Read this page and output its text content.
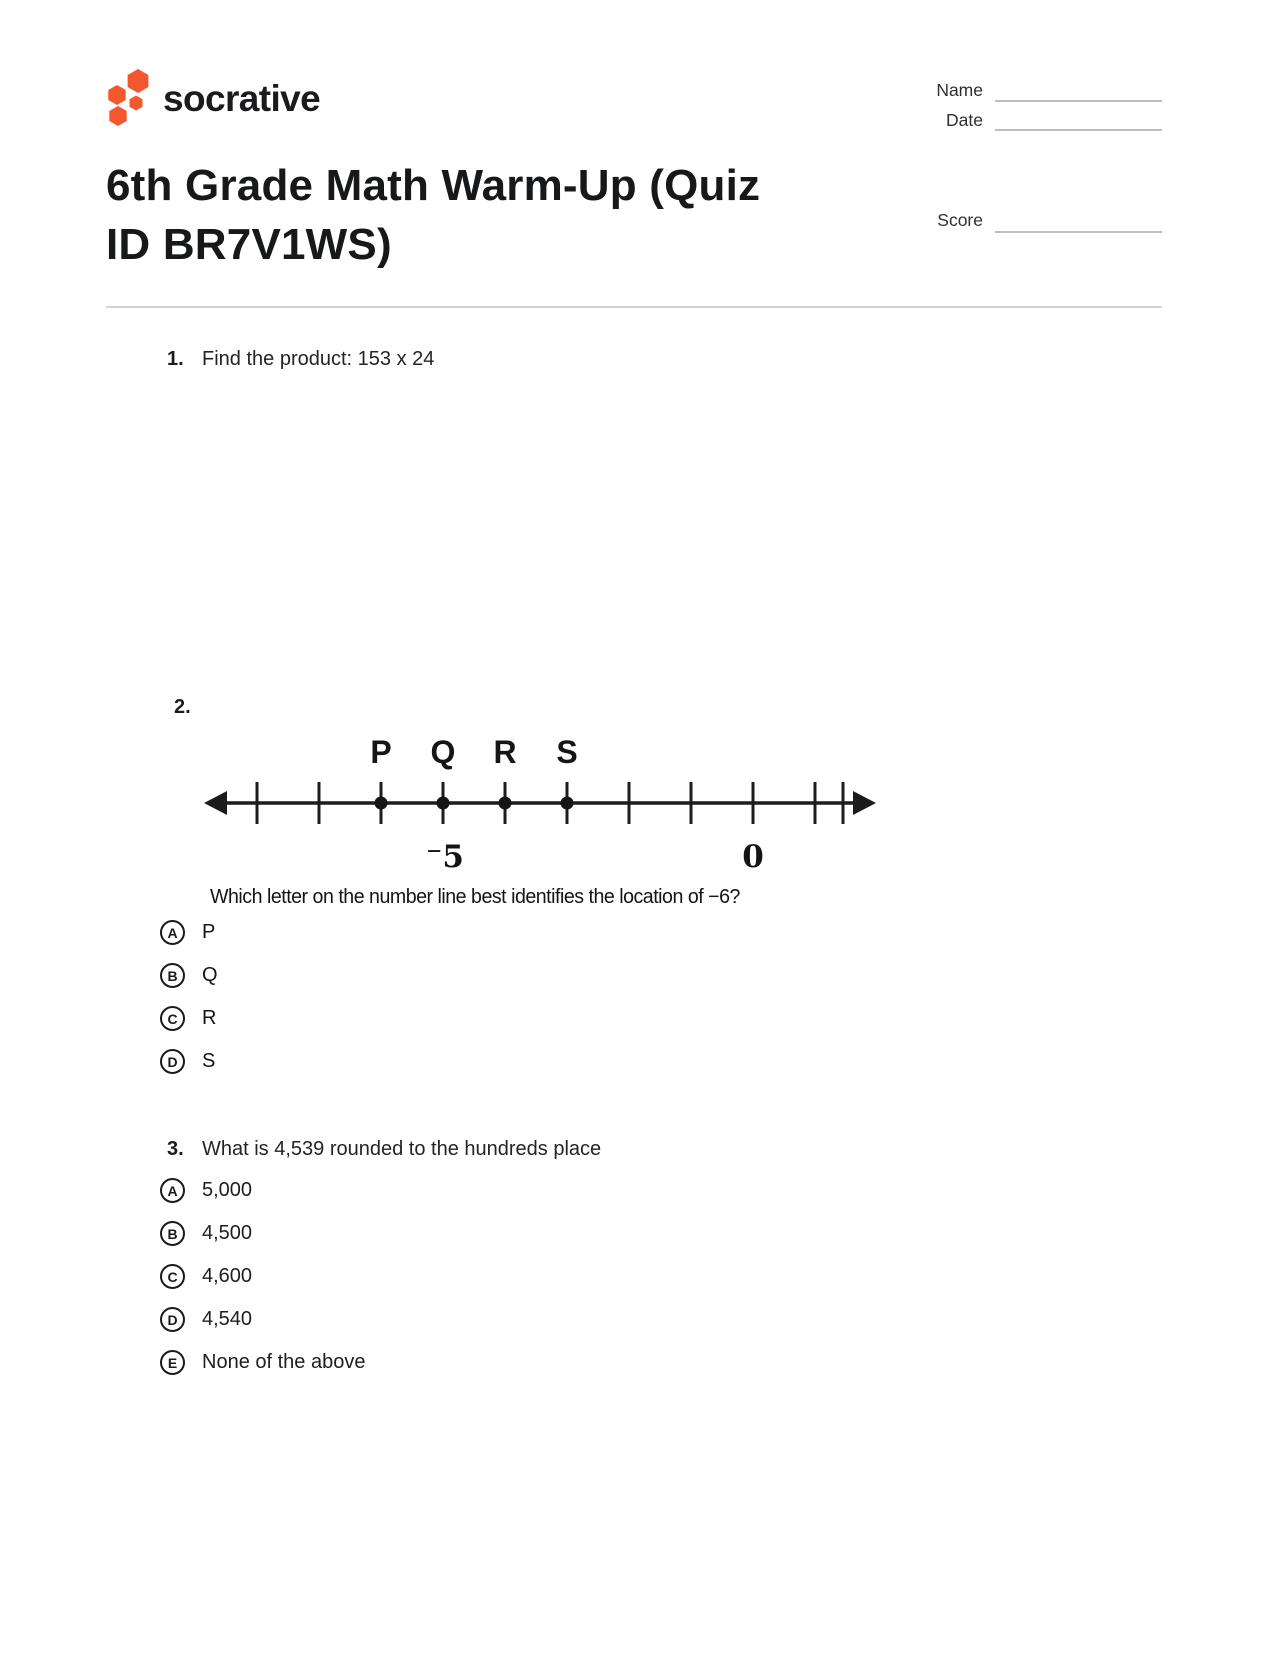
socrative	Name
Date
Score
6th Grade Math Warm-Up (Quiz
ID BR7V1WS)
1. Find the product: 153 x 24
2.
P Q R S
⁻5	0
Which letter on the number line best identifies the location of −6?
A	P
B	Q
C	R
D	S
3. What is 4,539 rounded to the hundreds place
A	5,000
B	4,500
C	4,600
D	4,540
E	None of the above
